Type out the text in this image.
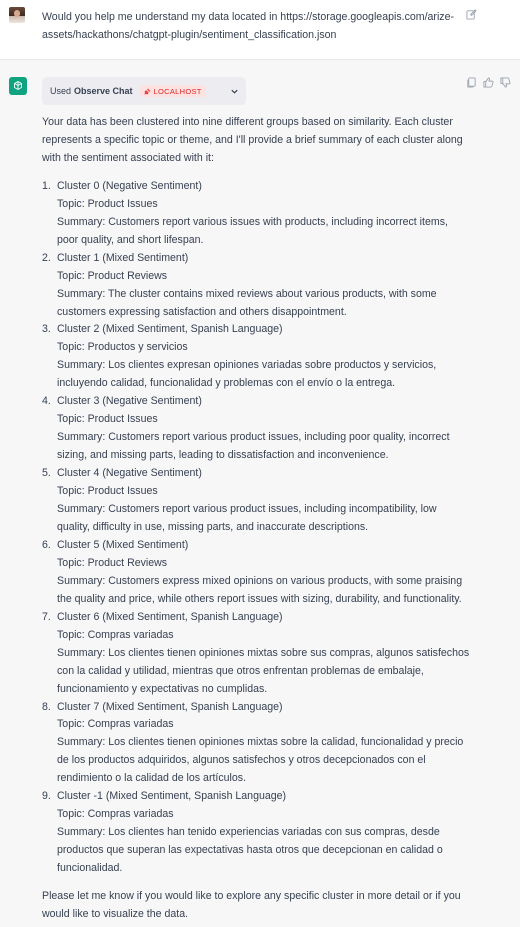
Would you help me understand my data located in https://storage.googleapis.com/arize-assets/hackathons/chatgpt-plugin/sentiment_classification.json
Used Observe Chat	LOCALHOST

Your data has been clustered into nine different groups based on similarity. Each cluster represents a specific topic or theme, and I'll provide a brief summary of each cluster along with the sentiment associated with it:

1. Cluster 0 (Negative Sentiment)
Topic: Product Issues
Summary: Customers report various issues with products, including incorrect items, poor quality, and short lifespan.
2. Cluster 1 (Mixed Sentiment)
Topic: Product Reviews
Summary: The cluster contains mixed reviews about various products, with some customers expressing satisfaction and others disappointment.
3. Cluster 2 (Mixed Sentiment, Spanish Language)
Topic: Productos y servicios
Summary: Los clientes expresan opiniones variadas sobre productos y servicios, incluyendo calidad, funcionalidad y problemas con el envío o la entrega.
4. Cluster 3 (Negative Sentiment)
Topic: Product Issues
Summary: Customers report various product issues, including poor quality, incorrect sizing, and missing parts, leading to dissatisfaction and inconvenience.
5. Cluster 4 (Negative Sentiment)
Topic: Product Issues
Summary: Customers report various product issues, including incompatibility, low quality, difficulty in use, missing parts, and inaccurate descriptions.
6. Cluster 5 (Mixed Sentiment)
Topic: Product Reviews
Summary: Customers express mixed opinions on various products, with some praising the quality and price, while others report issues with sizing, durability, and functionality.
7. Cluster 6 (Mixed Sentiment, Spanish Language)
Topic: Compras variadas
Summary: Los clientes tienen opiniones mixtas sobre sus compras, algunos satisfechos con la calidad y utilidad, mientras que otros enfrentan problemas de embalaje, funcionamiento y expectativas no cumplidas.
8. Cluster 7 (Mixed Sentiment, Spanish Language)
Topic: Compras variadas
Summary: Los clientes tienen opiniones mixtas sobre la calidad, funcionalidad y precio de los productos adquiridos, algunos satisfechos y otros decepcionados con el rendimiento o la calidad de los artículos.
9. Cluster -1 (Mixed Sentiment, Spanish Language)
Topic: Compras variadas
Summary: Los clientes han tenido experiencias variadas con sus compras, desde productos que superan las expectativas hasta otros que decepcionan en calidad o funcionalidad.

Please let me know if you would like to explore any specific cluster in more detail or if you would like to visualize the data.
